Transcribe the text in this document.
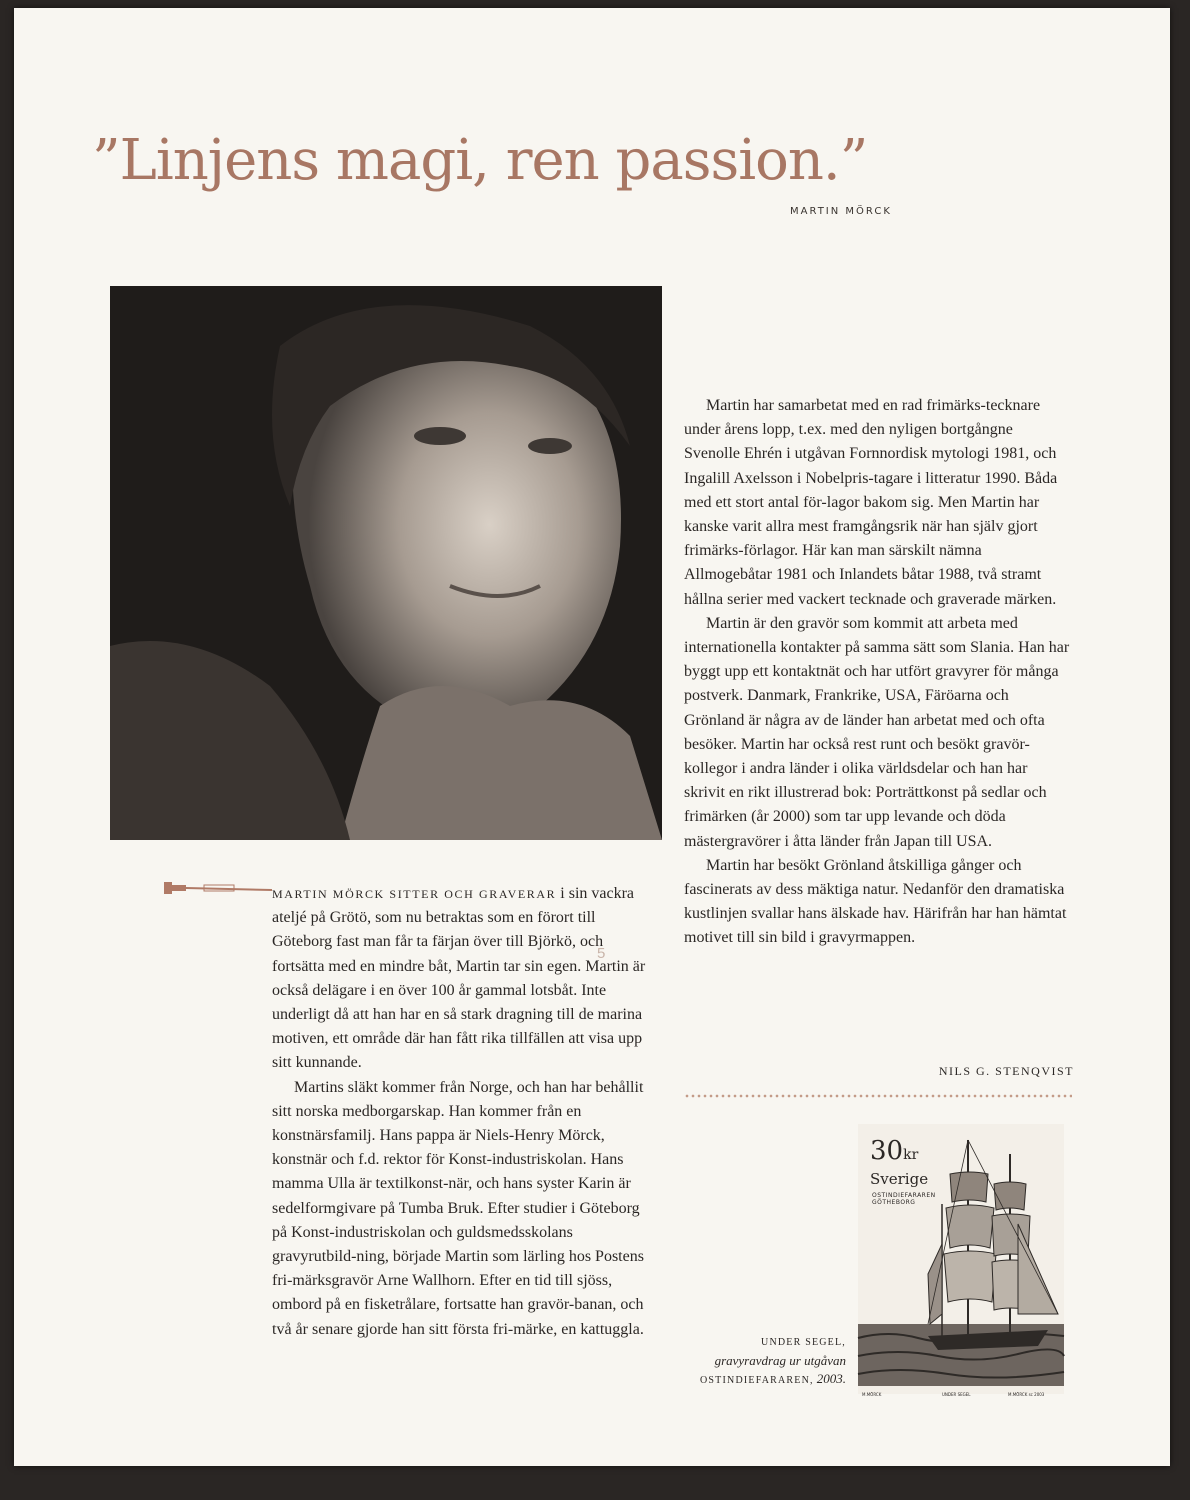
”Linjens magi, ren passion.”
MARTIN MÖRCK

MARTIN MÖRCK SITTER OCH GRAVERAR i sin vackra ateljé på Grötö, som nu betraktas som en förort till Göteborg fast man får ta färjan över till Björkö, och fortsätta med en mindre båt, Martin tar sin egen. Martin är också delägare i en över 100 år gammal lotsbåt. Inte underligt då att han har en så stark dragning till de marina motiven, ett område där han fått rika tillfällen att visa upp sitt kunnande.

Martins släkt kommer från Norge, och han har behållit sitt norska medborgarskap. Han kommer från en konstnärsfamilj. Hans pappa är Niels-Henry Mörck, konstnär och f.d. rektor för Konst-industriskolan. Hans mamma Ulla är textilkonst-när, och hans syster Karin är sedelformgivare på Tumba Bruk. Efter studier i Göteborg på Konst-industriskolan och guldsmedsskolans gravyrutbild-ning, började Martin som lärling hos Postens fri-märksgravör Arne Wallhorn. Efter en tid till sjöss, ombord på en fisketrålare, fortsatte han gravör-banan, och två år senare gjorde han sitt första fri-märke, en kattuggla.

5

Martin har samarbetat med en rad frimärks-tecknare under årens lopp, t.ex. med den nyligen bortgångne Svenolle Ehrén i utgåvan Fornnordisk mytologi 1981, och Ingalill Axelsson i Nobelpris-tagare i litteratur 1990. Båda med ett stort antal för-lagor bakom sig. Men Martin har kanske varit allra mest framgångsrik när han själv gjort frimärks-förlagor. Här kan man särskilt nämna Allmogebåtar 1981 och Inlandets båtar 1988, två stramt hållna serier med vackert tecknade och graverade märken.

Martin är den gravör som kommit att arbeta med internationella kontakter på samma sätt som Slania. Han har byggt upp ett kontaktnät och har utfört gravyrer för många postverk. Danmark, Frankrike, USA, Färöarna och Grönland är några av de länder han arbetat med och ofta besöker. Martin har också rest runt och besökt gravör-kollegor i andra länder i olika världsdelar och han har skrivit en rikt illustrerad bok: Porträttkonst på sedlar och frimärken (år 2000) som tar upp levande och döda mästergravörer i åtta länder från Japan till USA.

Martin har besökt Grönland åtskilliga gånger och fascinerats av dess mäktiga natur. Nedanför den dramatiska kustlinjen svallar hans älskade hav. Härifrån har han hämtat motivet till sin bild i gravyrmappen.

NILS G. STENQVIST
30kr
Sverige
OSTINDIEFARAREN
GÖTHEBORG
M.MÖRCK	UNDER SEGEL	M.MÖRCK sc 2003
UNDER SEGEL,
gravyravdrag ur utgåvan
OSTINDIEFARAREN, 2003.
